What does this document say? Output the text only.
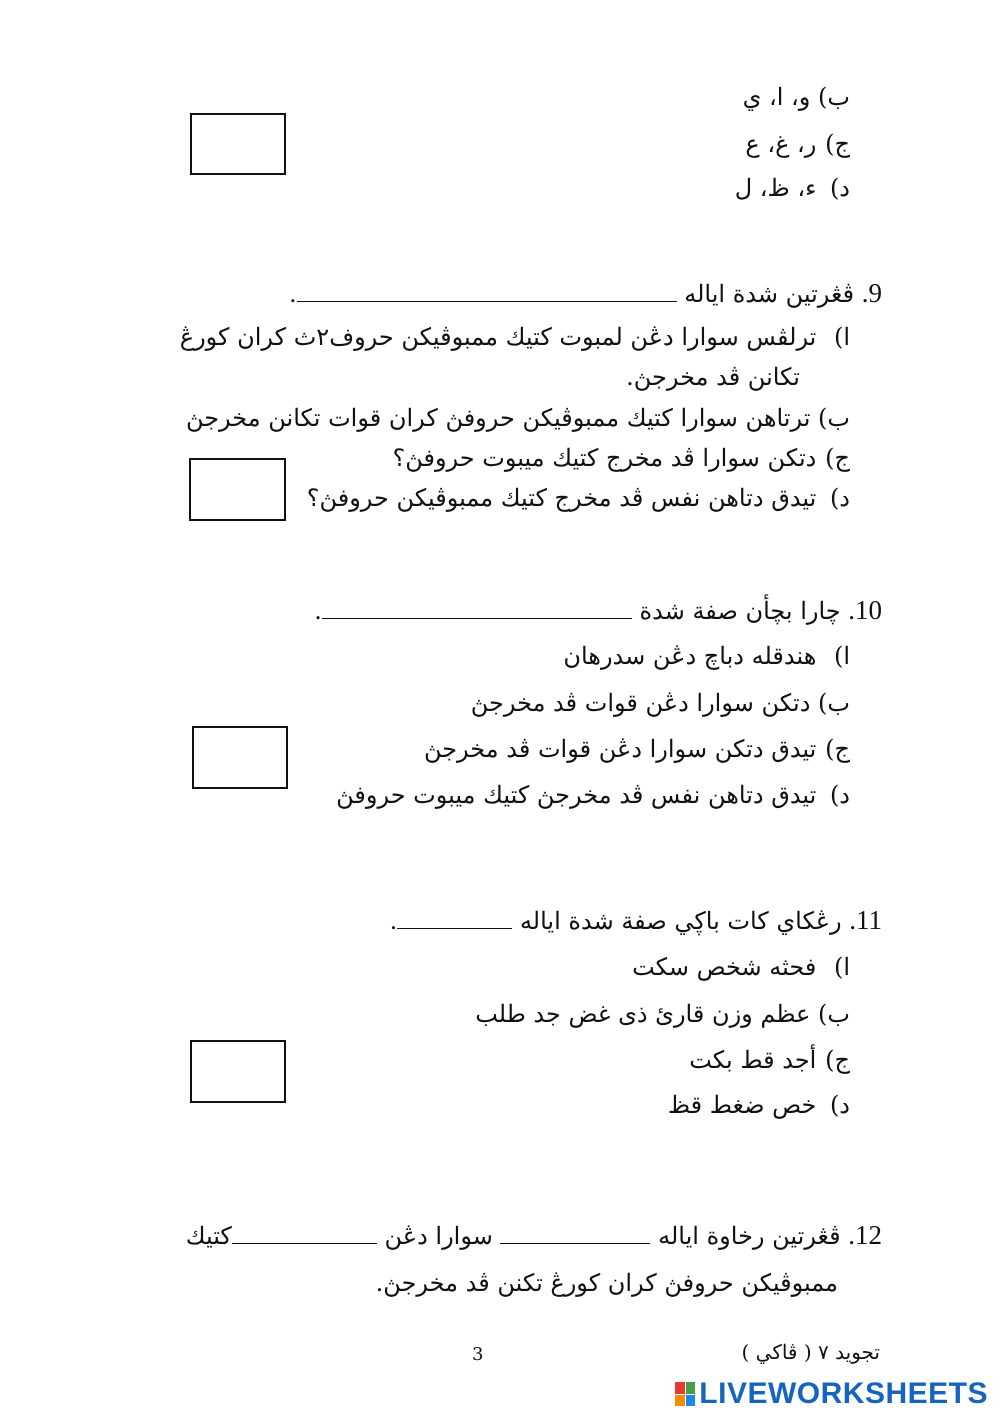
ب) و، ا، ي
ج) ر، غ، ع
د) ء، ظ، ل
9. ڤڠرتين شدة اياله .
ا) ترلڤس سوارا دڠن لمبوت كتيك ممبوڤيكن حروف٢ث كران كورڠ
تكانن ڤد مخرجڽ.
ب) ترتاهن سوارا كتيك ممبوڤيكن حروفڽ كران قوات تكانن مخرجڽ
ج) دتكن سوارا ڤد مخرج كتيك ميبوت حروفڽ؟
د) تيدق دتاهن نفس ڤد مخرج كتيك ممبوڤيكن حروفڽ؟
10. چارا بچأن صفة شدة .
ا) هندقله دباچ دڠن سدرهان
ب) دتكن سوارا دڠن قوات ڤد مخرجڽ
ج) تيدق دتكن سوارا دڠن قوات ڤد مخرجڽ
د) تيدق دتاهن نفس ڤد مخرجڽ كتيك ميبوت حروفڽ
11. رڠكاي كات باڮي صفة شدة اياله .
ا) فحثه شخص سكت
ب) عظم وزن قارئ ذى غض جد طلب
ج) أجد قط بكت
د) خص ضغط قظ
12. ڤڠرتين رخاوة اياله  سوارا دڠن كتيك
ممبوڤيكن حروفڽ كران كورڠ تكنن ڤد مخرجڽ.
3	تجويد ٧ ( ڤاكي )
LIVEWORKSHEETS
